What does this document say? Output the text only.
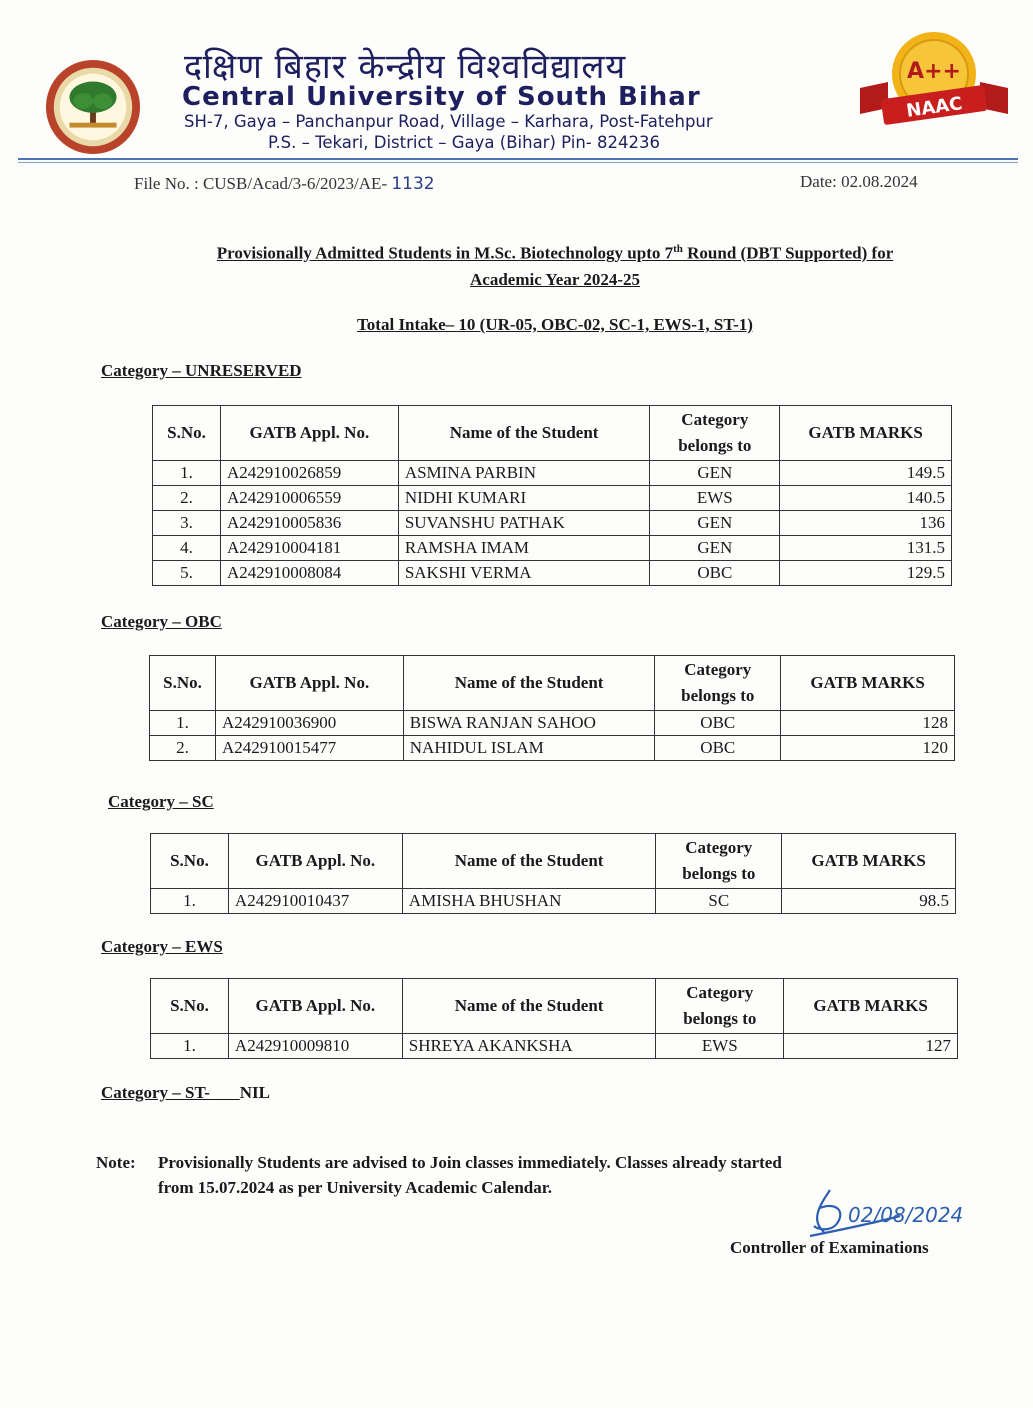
दक्षिण बिहार केन्द्रीय विश्वविद्यालय
Central University of South Bihar
SH-7, Gaya – Panchanpur Road, Village – Karhara, Post-Fatehpur
P.S. – Tekari, District – Gaya (Bihar) Pin- 824236
A++
NAAC
File No. : CUSB/Acad/3-6/2023/AE- 1132	Date: 02.08.2024
Provisionally Admitted Students in M.Sc. Biotechnology upto 7th Round (DBT Supported) for
Academic Year 2024-25
Total Intake– 10 (UR-05, OBC-02, SC-1, EWS-1, ST-1)
Category – UNRESERVED
S.No.	GATB Appl. No.	Name of the Student	Category
belongs to	GATB MARKS
1.	A242910026859	ASMINA PARBIN	GEN	149.5
2.	A242910006559	NIDHI KUMARI	EWS	140.5
3.	A242910005836	SUVANSHU PATHAK	GEN	136
4.	A242910004181	RAMSHA IMAM	GEN	131.5
5.	A242910008084	SAKSHI VERMA	OBC	129.5
Category – OBC
S.No.	GATB Appl. No.	Name of the Student	Category
belongs to	GATB MARKS
1.	A242910036900	BISWA RANJAN SAHOO	OBC	128
2.	A242910015477	NAHIDUL ISLAM	OBC	120
Category – SC
S.No.	GATB Appl. No.	Name of the Student	Category
belongs to	GATB MARKS
1.	A242910010437	AMISHA BHUSHAN	SC	98.5
Category – EWS
S.No.	GATB Appl. No.	Name of the Student	Category
belongs to	GATB MARKS
1.	A242910009810	SHREYA AKANKSHA	EWS	127
Category – ST- NIL
Note: Provisionally Students are advised to Join classes immediately. Classes already started
from 15.07.2024 as per University Academic Calendar.
02/08/2024
Controller of Examinations
